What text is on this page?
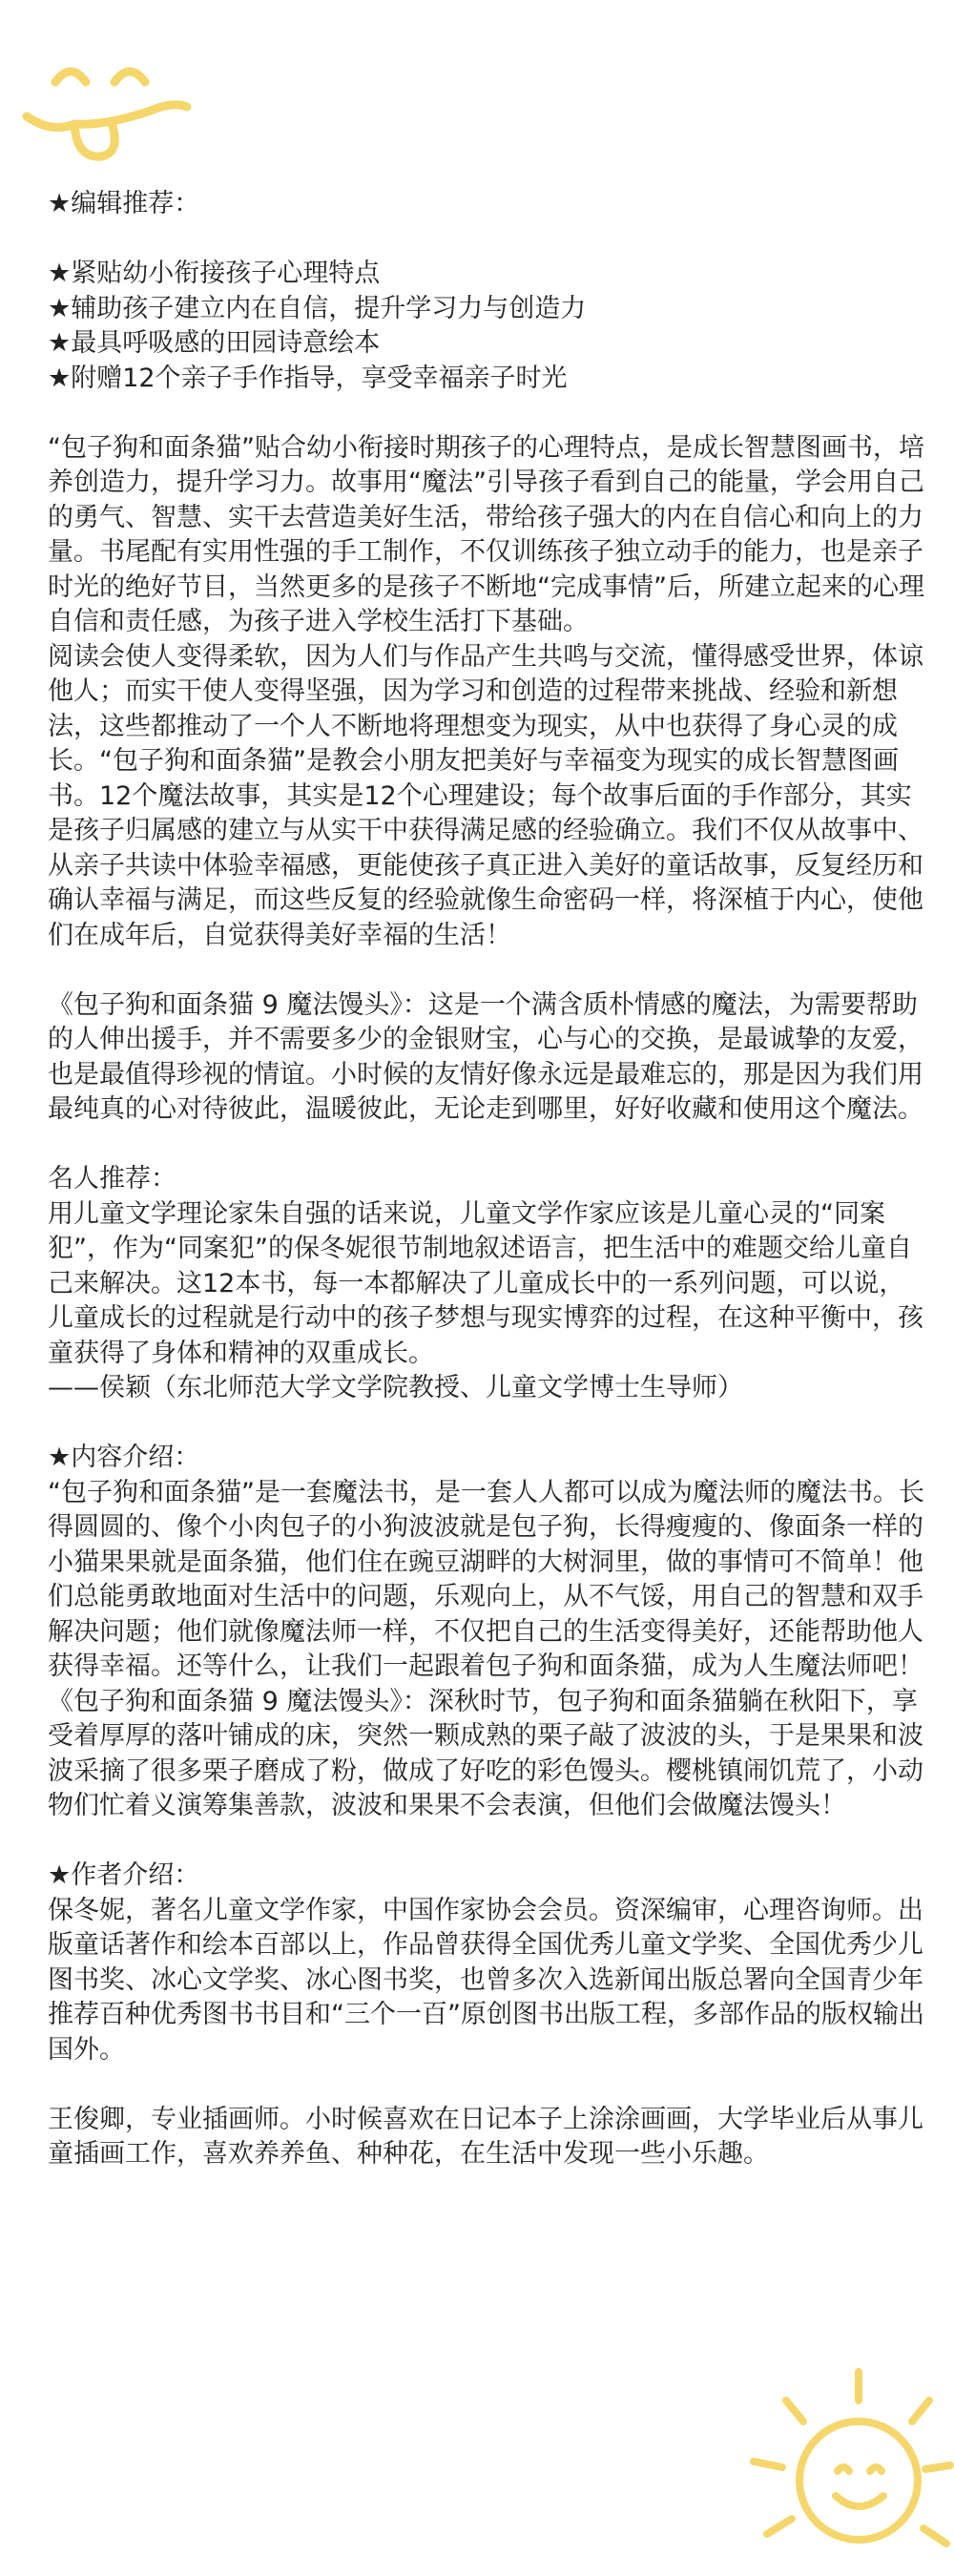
★编辑推荐：

★紧贴幼小衔接孩子心理特点

★辅助孩子建立内在自信，提升学习力与创造力

★最具呼吸感的田园诗意绘本

★附赠12个亲子手作指导，享受幸福亲子时光

“包子狗和面条猫”贴合幼小衔接时期孩子的心理特点，是成长智慧图画书，培养创造力，提升学习力。故事用“魔法”引导孩子看到自己的能量，学会用自己的勇气、智慧、实干去营造美好生活，带给孩子强大的内在自信心和向上的力量。书尾配有实用性强的手工制作，不仅训练孩子独立动手的能力，也是亲子时光的绝好节目，当然更多的是孩子不断地“完成事情”后，所建立起来的心理自信和责任感，为孩子进入学校生活打下基础。

阅读会使人变得柔软，因为人们与作品产生共鸣与交流，懂得感受世界，体谅他人；而实干使人变得坚强，因为学习和创造的过程带来挑战、经验和新想法，这些都推动了一个人不断地将理想变为现实，从中也获得了身心灵的成长。“包子狗和面条猫”是教会小朋友把美好与幸福变为现实的成长智慧图画书。12个魔法故事，其实是12个心理建设；每个故事后面的手作部分，其实是孩子归属感的建立与从实干中获得满足感的经验确立。我们不仅从故事中、从亲子共读中体验幸福感，更能使孩子真正进入美好的童话故事，反复经历和确认幸福与满足，而这些反复的经验就像生命密码一样，将深植于内心，使他们在成年后，自觉获得美好幸福的生活！

《包子狗和面条猫 9 魔法馒头》：这是一个满含质朴情感的魔法，为需要帮助的人伸出援手，并不需要多少的金银财宝，心与心的交换，是最诚挚的友爱，也是最值得珍视的情谊。小时候的友情好像永远是最难忘的，那是因为我们用最纯真的心对待彼此，温暖彼此，无论走到哪里，好好收藏和使用这个魔法。

名人推荐：

用儿童文学理论家朱自强的话来说，儿童文学作家应该是儿童心灵的“同案犯”，作为“同案犯”的保冬妮很节制地叙述语言，把生活中的难题交给儿童自己来解决。这12本书，每一本都解决了儿童成长中的一系列问题，可以说，儿童成长的过程就是行动中的孩子梦想与现实博弈的过程，在这种平衡中，孩童获得了身体和精神的双重成长。

——侯颖（东北师范大学文学院教授、儿童文学博士生导师）

★内容介绍：

“包子狗和面条猫”是一套魔法书，是一套人人都可以成为魔法师的魔法书。长得圆圆的、像个小肉包子的小狗波波就是包子狗，长得瘦瘦的、像面条一样的小猫果果就是面条猫，他们住在豌豆湖畔的大树洞里，做的事情可不简单！他们总能勇敢地面对生活中的问题，乐观向上，从不气馁，用自己的智慧和双手解决问题；他们就像魔法师一样，不仅把自己的生活变得美好，还能帮助他人获得幸福。还等什么，让我们一起跟着包子狗和面条猫，成为人生魔法师吧！

《包子狗和面条猫 9 魔法馒头》：深秋时节，包子狗和面条猫躺在秋阳下，享受着厚厚的落叶铺成的床，突然一颗成熟的栗子敲了波波的头，于是果果和波波采摘了很多栗子磨成了粉，做成了好吃的彩色馒头。樱桃镇闹饥荒了，小动物们忙着义演筹集善款，波波和果果不会表演，但他们会做魔法馒头！

★作者介绍：

保冬妮，著名儿童文学作家，中国作家协会会员。资深编审，心理咨询师。出版童话著作和绘本百部以上，作品曾获得全国优秀儿童文学奖、全国优秀少儿图书奖、冰心文学奖、冰心图书奖，也曾多次入选新闻出版总署向全国青少年推荐百种优秀图书书目和“三个一百”原创图书出版工程，多部作品的版权输出国外。

王俊卿，专业插画师。小时候喜欢在日记本子上涂涂画画，大学毕业后从事儿童插画工作，喜欢养养鱼、种种花，在生活中发现一些小乐趣。
